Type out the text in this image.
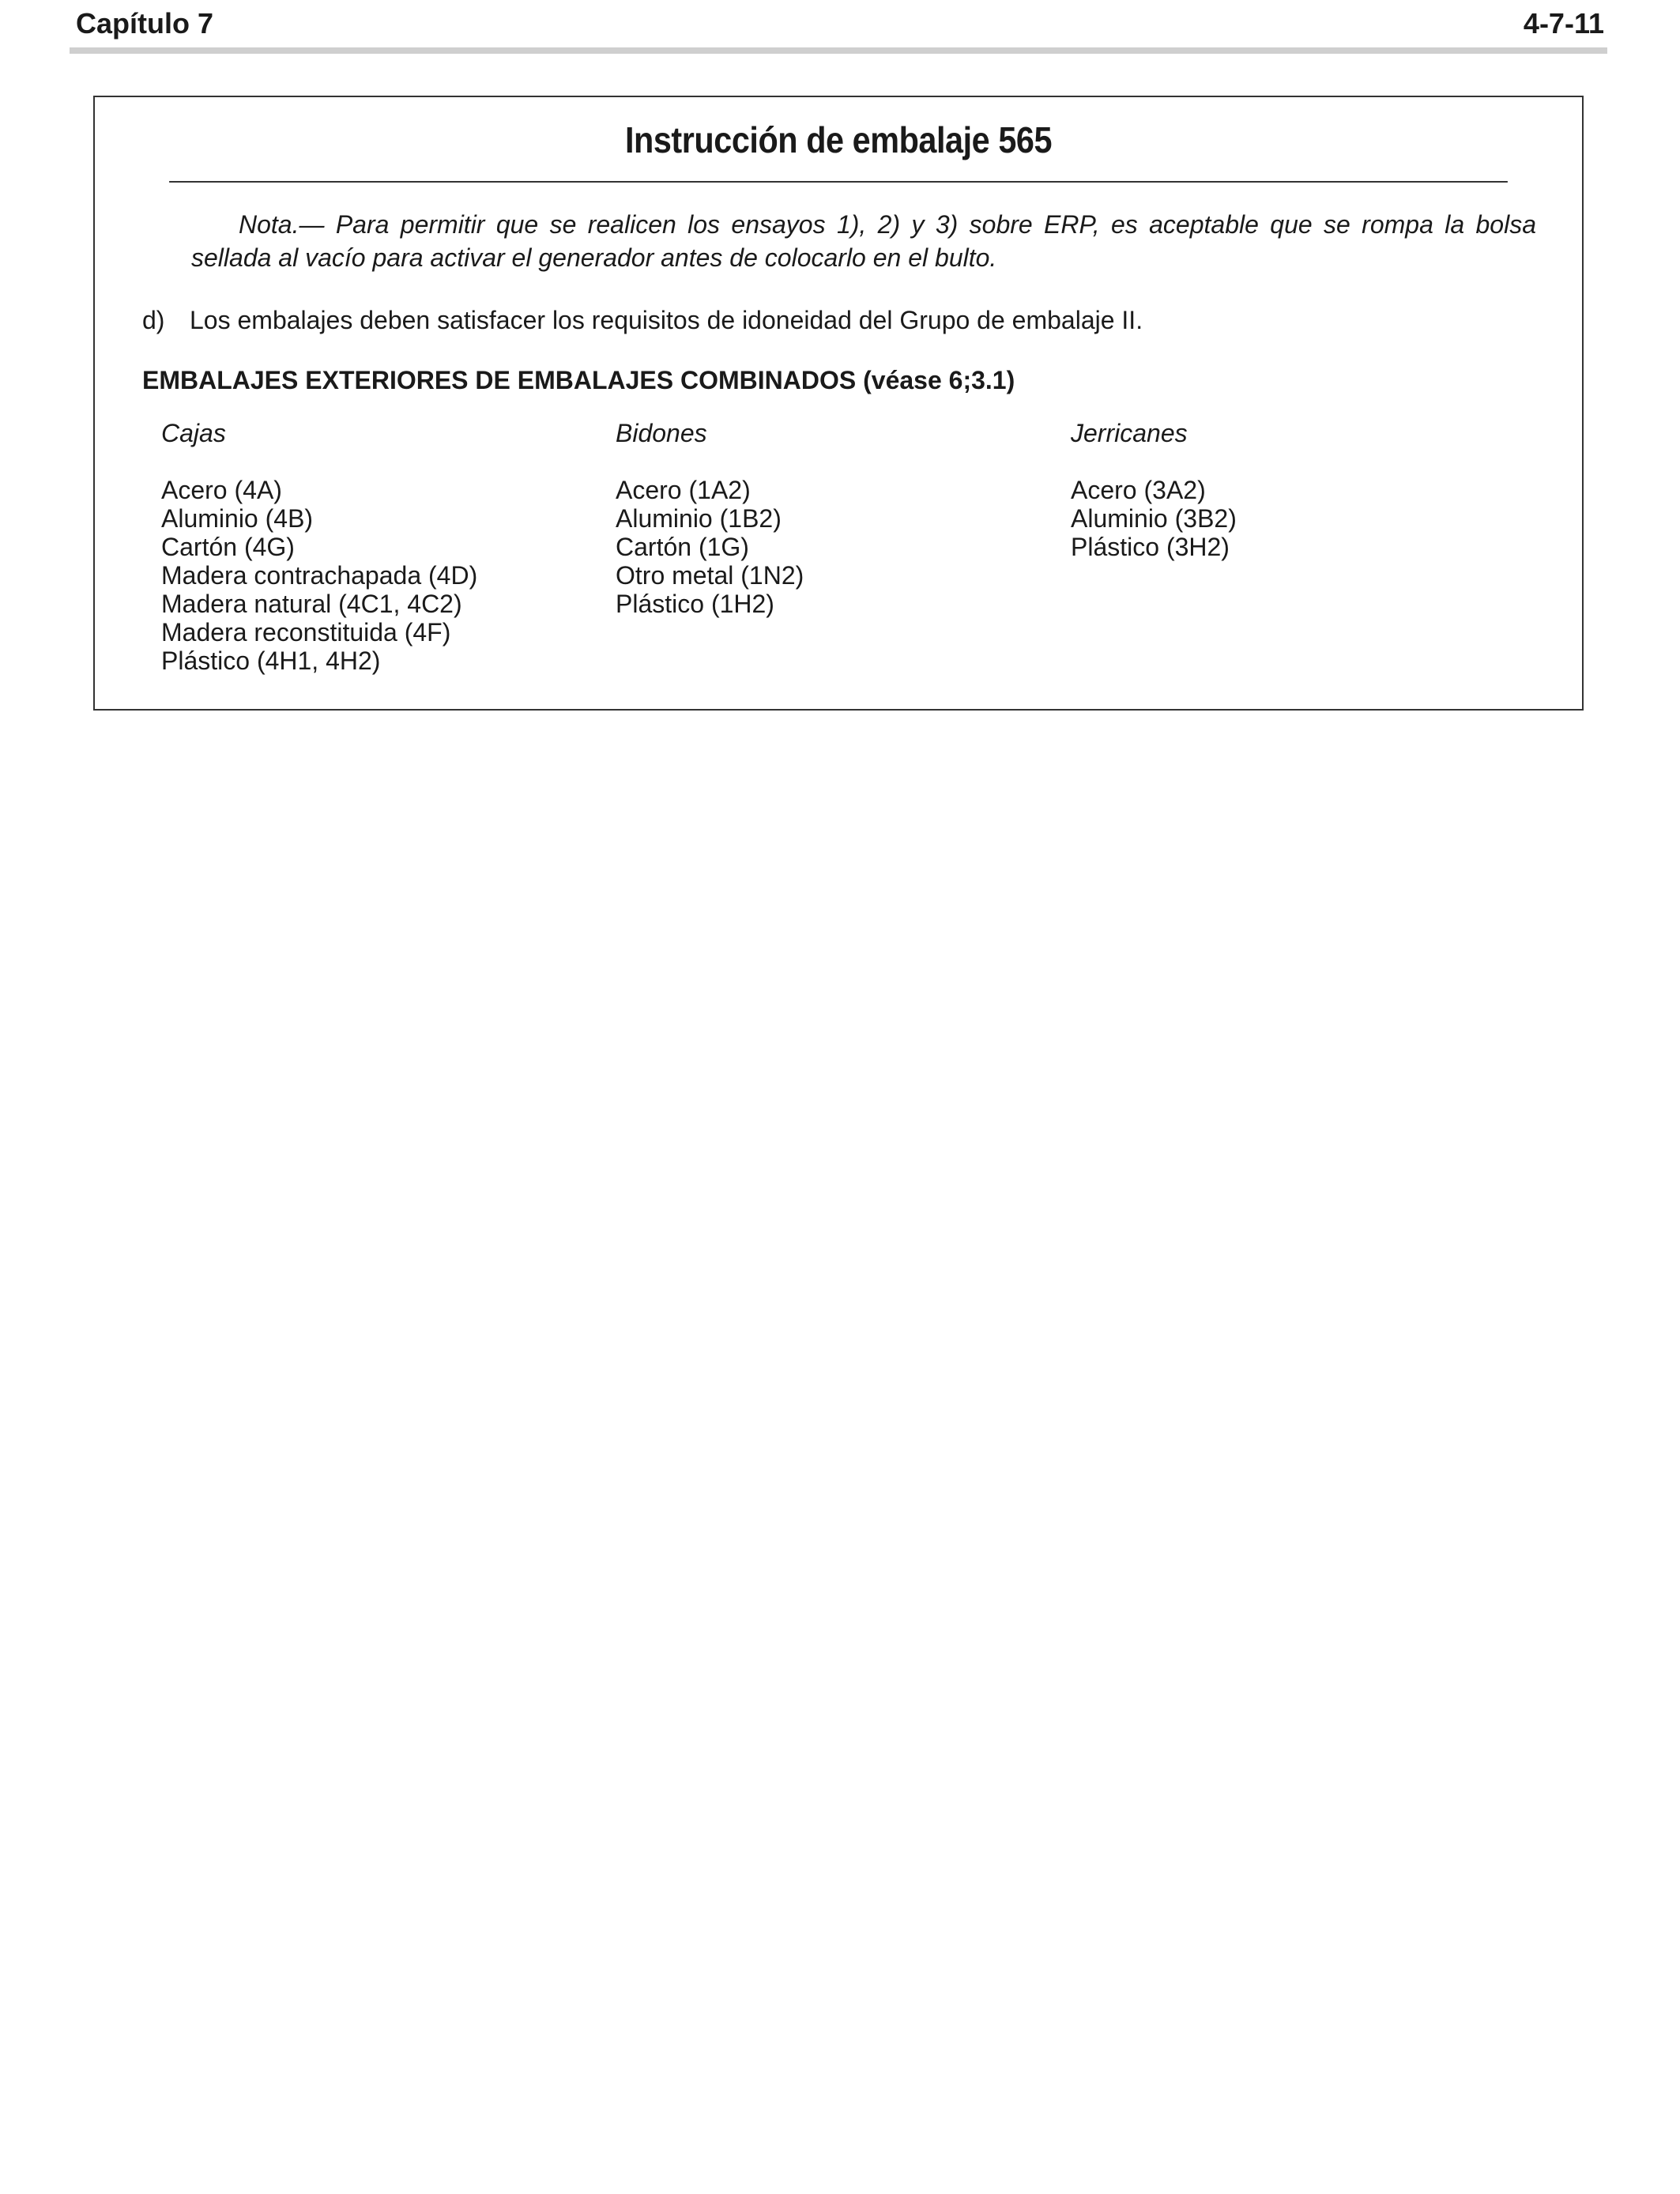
Capítulo 7	4-7-11
Instrucción de embalaje 565

Nota.— Para permitir que se realicen los ensayos 1), 2) y 3) sobre ERP, es aceptable que se rompa la bolsa sellada al vacío para activar el generador antes de colocarlo en el bulto.

d) Los embalajes deben satisfacer los requisitos de idoneidad del Grupo de embalaje II.
EMBALAJES EXTERIORES DE EMBALAJES COMBINADOS (véase 6;3.1)
Cajas
Acero (4A)
Aluminio (4B)
Cartón (4G)
Madera contrachapada (4D)
Madera natural (4C1, 4C2)
Madera reconstituida (4F)
Plástico (4H1, 4H2)
Bidones
Acero (1A2)
Aluminio (1B2)
Cartón (1G)
Otro metal (1N2)
Plástico (1H2)
Jerricanes
Acero (3A2)
Aluminio (3B2)
Plástico (3H2)
